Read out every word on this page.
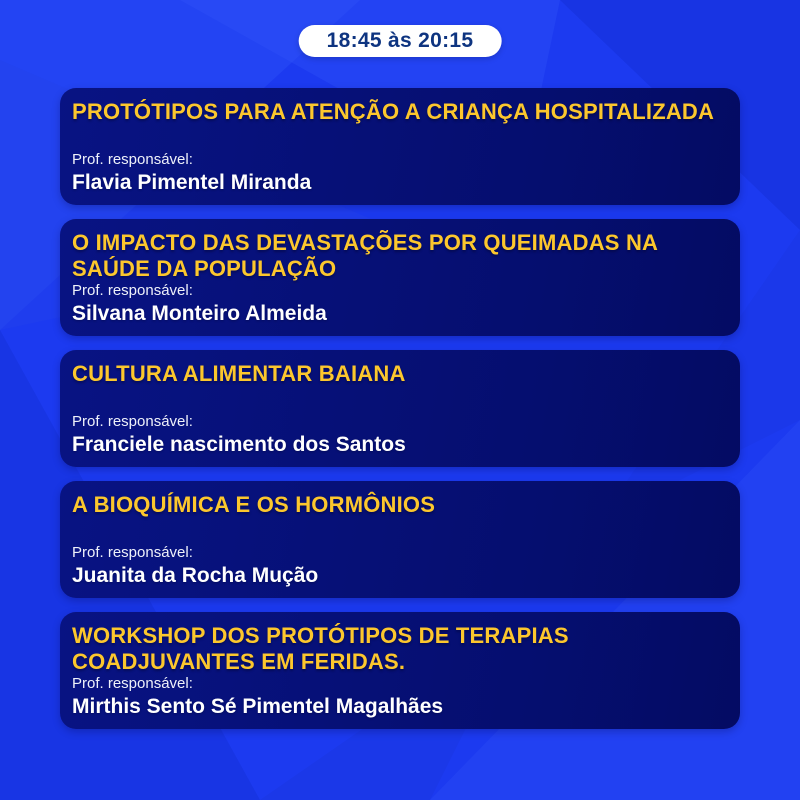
18:45 às 20:15
PROTÓTIPOS PARA ATENÇÃO A CRIANÇA HOSPITALIZADA
Prof. responsável:
Flavia Pimentel Miranda
O IMPACTO DAS DEVASTAÇÕES POR QUEIMADAS NA SAÚDE DA POPULAÇÃO
Prof. responsável:
Silvana Monteiro Almeida
CULTURA ALIMENTAR BAIANA
Prof. responsável:
Franciele nascimento dos Santos
A BIOQUÍMICA E OS HORMÔNIOS
Prof. responsável:
Juanita da Rocha Mução
WORKSHOP DOS PROTÓTIPOS DE TERAPIAS COADJUVANTES EM FERIDAS.
Prof. responsável:
Mirthis Sento Sé Pimentel Magalhães
